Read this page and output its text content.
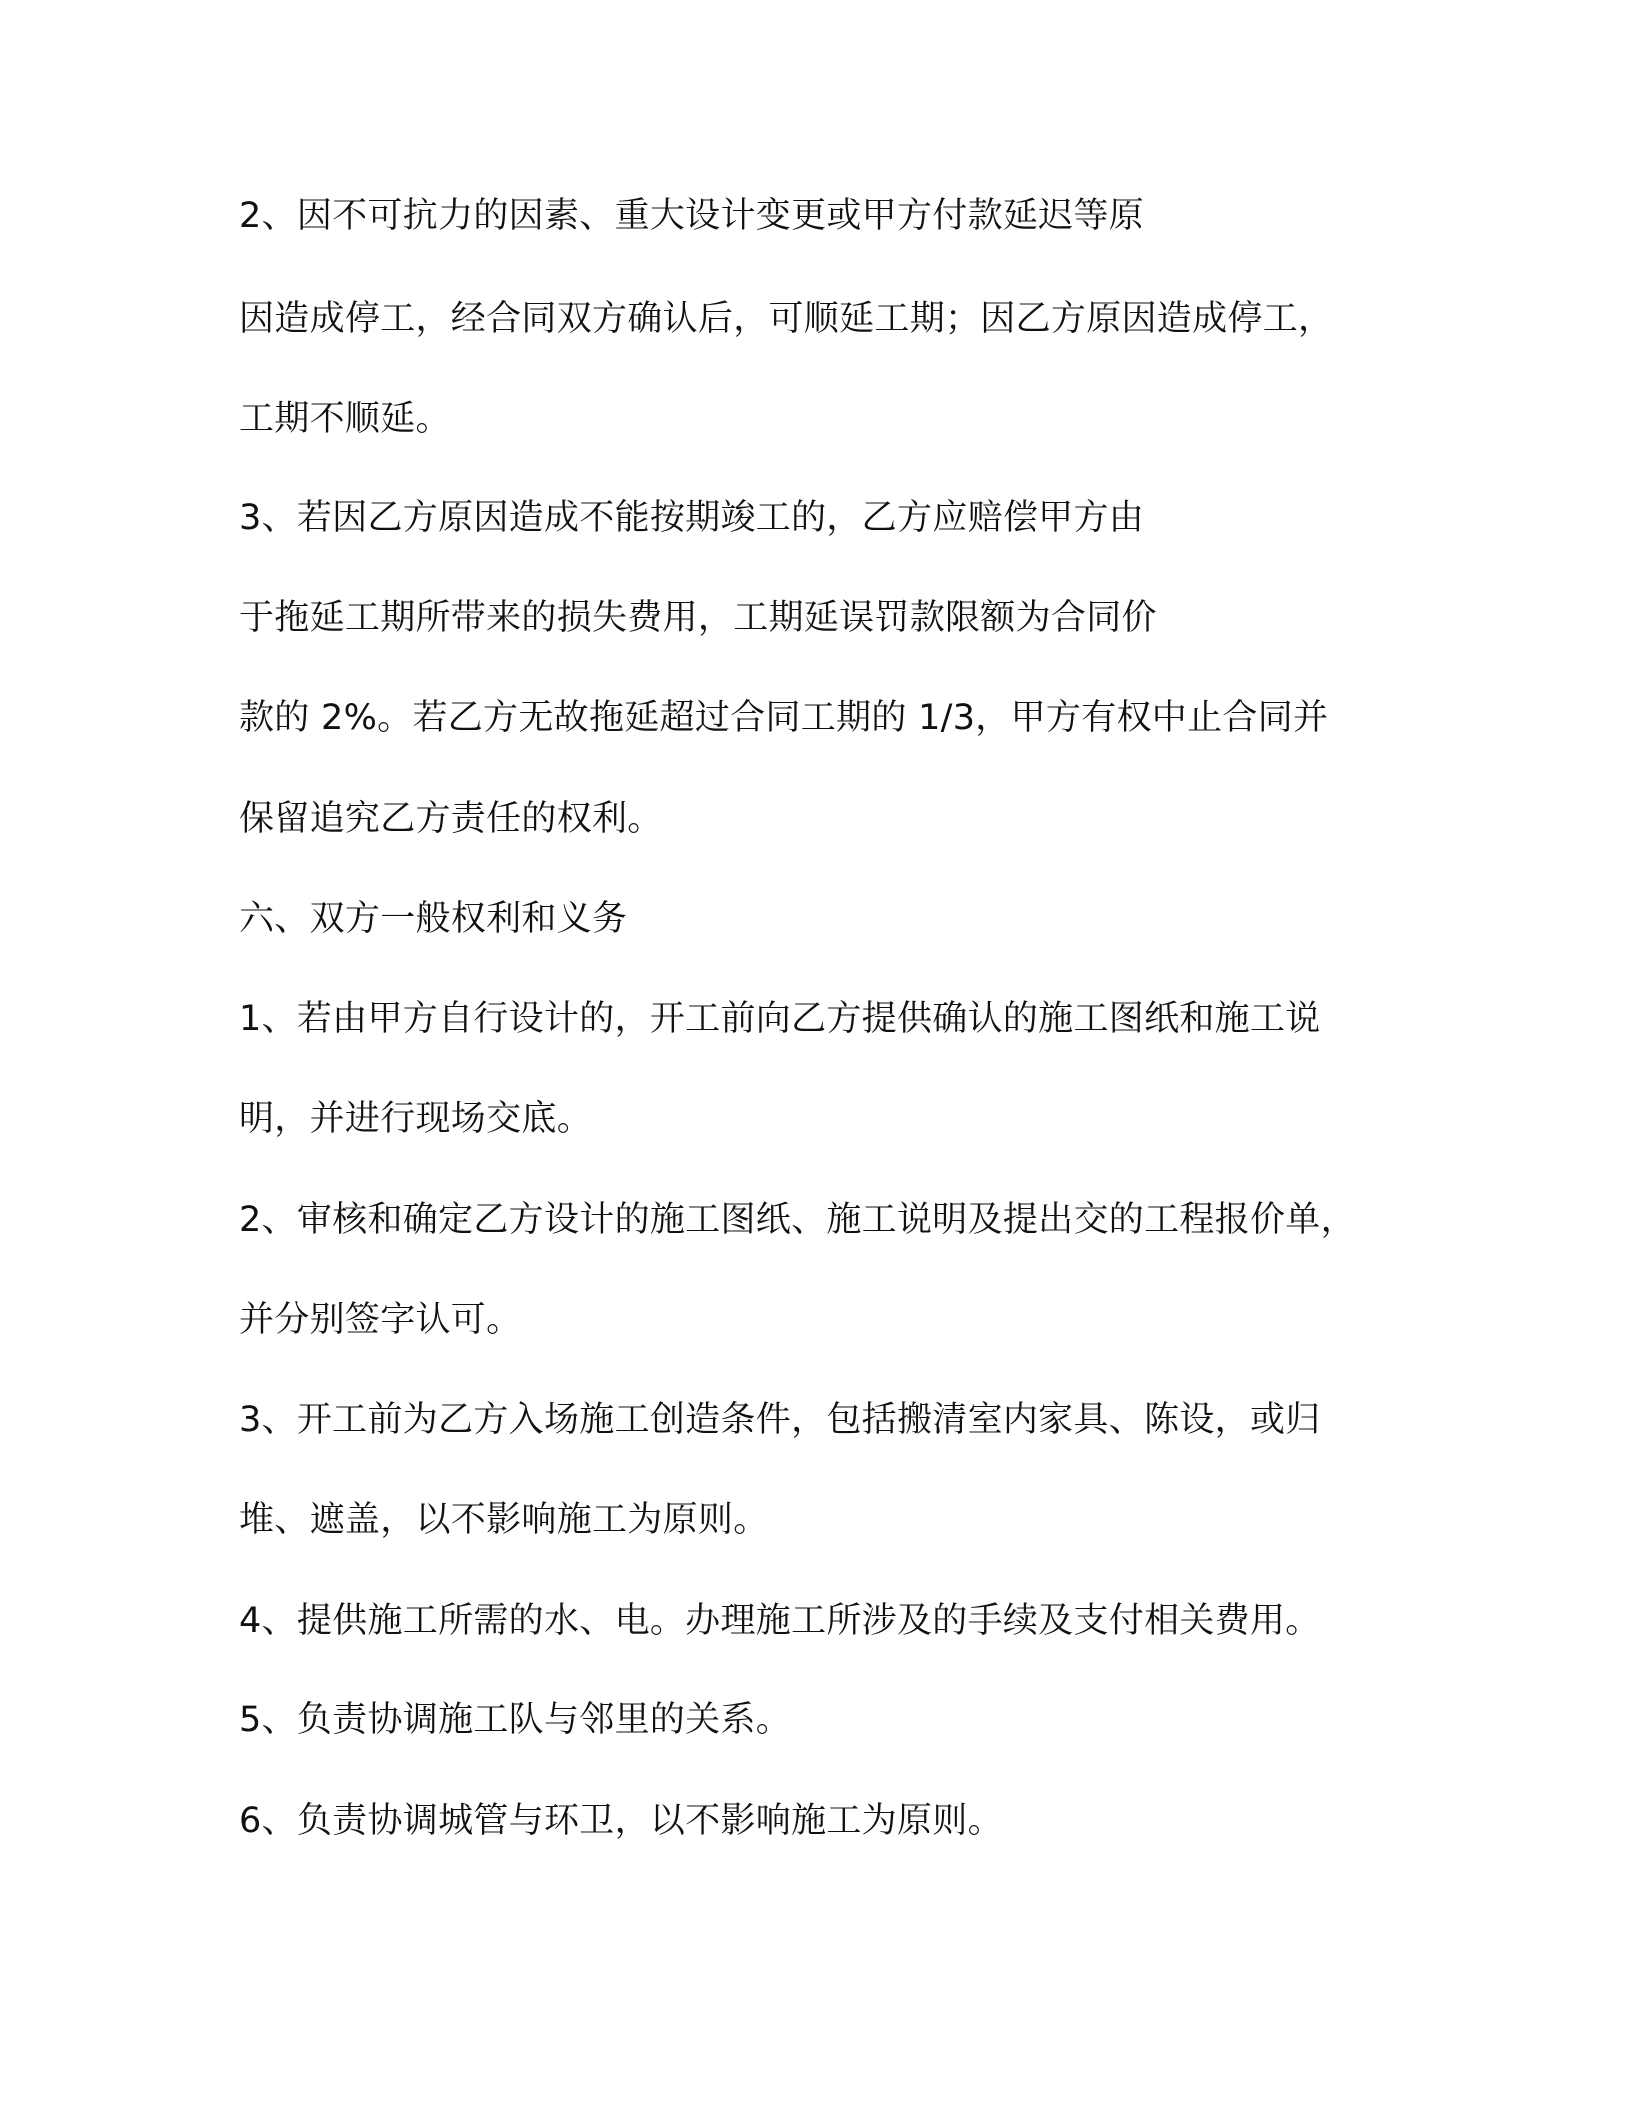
2、因不可抗力的因素、重大设计变更或甲方付款延迟等原
因造成停工，经合同双方确认后，可顺延工期；因乙方原因造成停工，
工期不顺延。
3、若因乙方原因造成不能按期竣工的，乙方应赔偿甲方由
于拖延工期所带来的损失费用，工期延误罚款限额为合同价
款的 2%。若乙方无故拖延超过合同工期的 1/3，甲方有权中止合同并
保留追究乙方责任的权利。
六、双方一般权利和义务
1、若由甲方自行设计的，开工前向乙方提供确认的施工图纸和施工说
明，并进行现场交底。
2、审核和确定乙方设计的施工图纸、施工说明及提出交的工程报价单，
并分别签字认可。
3、开工前为乙方入场施工创造条件，包括搬清室内家具、陈设，或归
堆、遮盖，以不影响施工为原则。
4、提供施工所需的水、电。办理施工所涉及的手续及支付相关费用。
5、负责协调施工队与邻里的关系。
6、负责协调城管与环卫，以不影响施工为原则。
